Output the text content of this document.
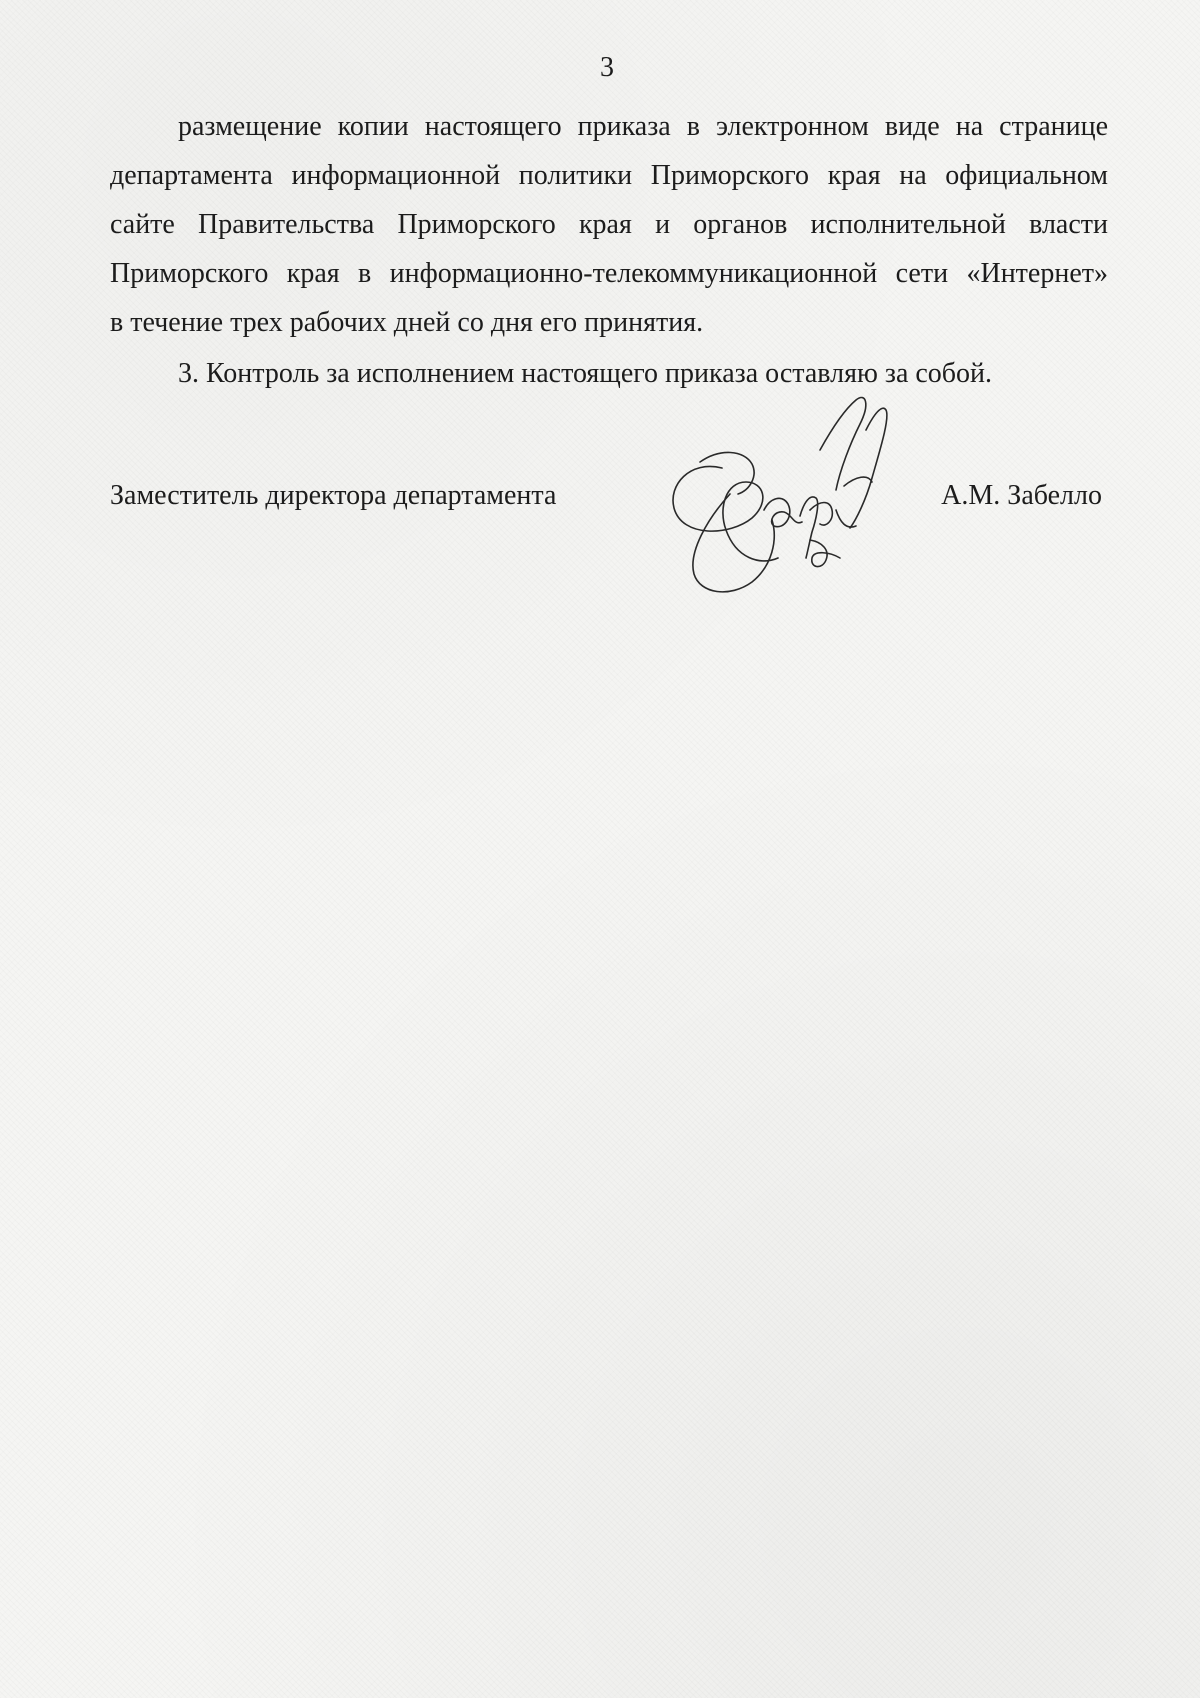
3

размещение копии настоящего приказа в электронном виде на странице
департамента информационной политики Приморского края на официальном
сайте Правительства Приморского края и органов исполнительной власти
Приморского края в информационно-телекоммуникационной сети «Интернет»
в течение трех рабочих дней со дня его принятия.

3. Контроль за исполнением настоящего приказа оставляю за собой.

Заместитель директора департамента	А.М. Забелло
